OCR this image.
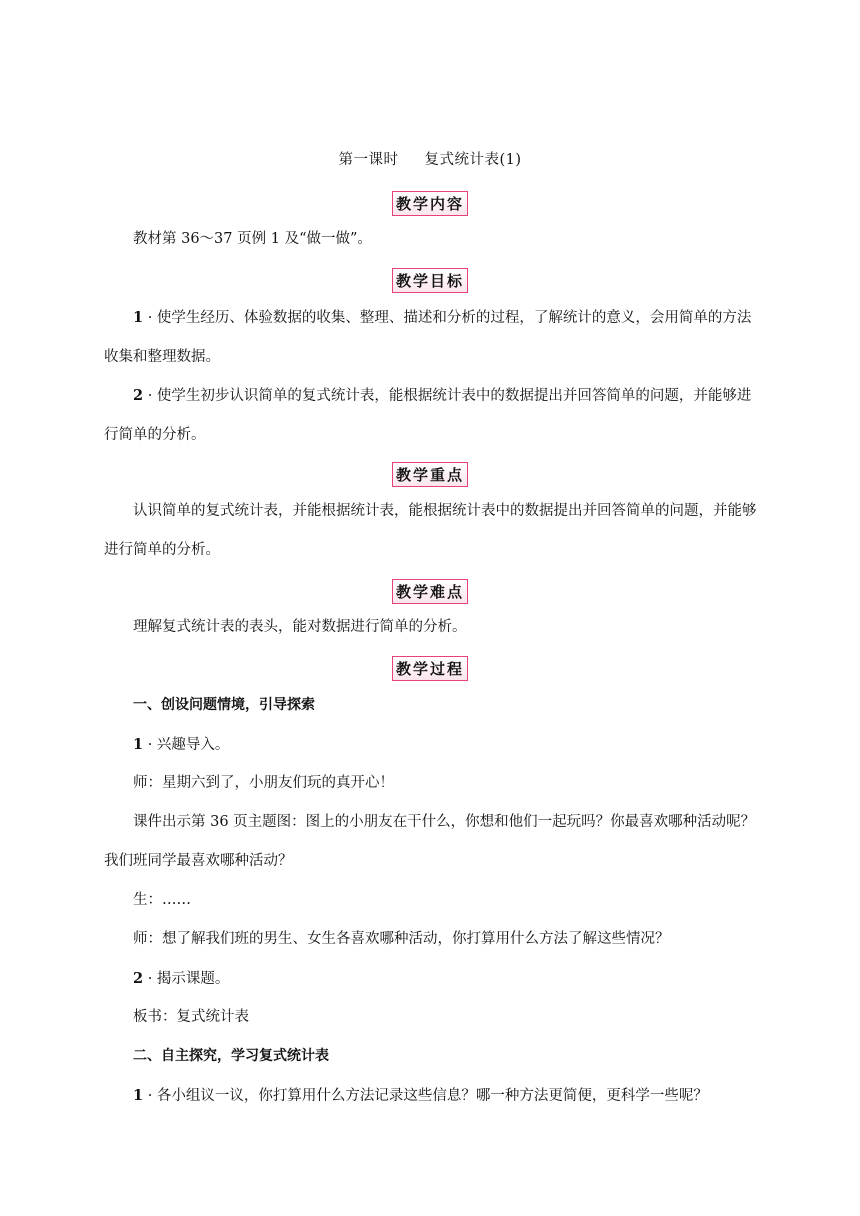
第一课时 复式统计表(1)
教学内容

教材第 36～37 页例 1 及“做一做”。

教学目标

1 · 使学生经历、体验数据的收集、整理、描述和分析的过程，了解统计的意义，会用简单的方法收集和整理数据。

2 · 使学生初步认识简单的复式统计表，能根据统计表中的数据提出并回答简单的问题，并能够进行简单的分析。

教学重点

认识简单的复式统计表，并能根据统计表，能根据统计表中的数据提出并回答简单的问题，并能够进行简单的分析。

教学难点

理解复式统计表的表头，能对数据进行简单的分析。

教学过程

一、创设问题情境，引导探索

1 · 兴趣导入。

师：星期六到了，小朋友们玩的真开心！

课件出示第 36 页主题图：图上的小朋友在干什么，你想和他们一起玩吗？你最喜欢哪种活动呢？我们班同学最喜欢哪种活动？

生：……

师：想了解我们班的男生、女生各喜欢哪种活动，你打算用什么方法了解这些情况？

2 · 揭示课题。

板书：复式统计表

二、自主探究，学习复式统计表

1 · 各小组议一议，你打算用什么方法记录这些信息？哪一种方法更简便，更科学一些呢？
